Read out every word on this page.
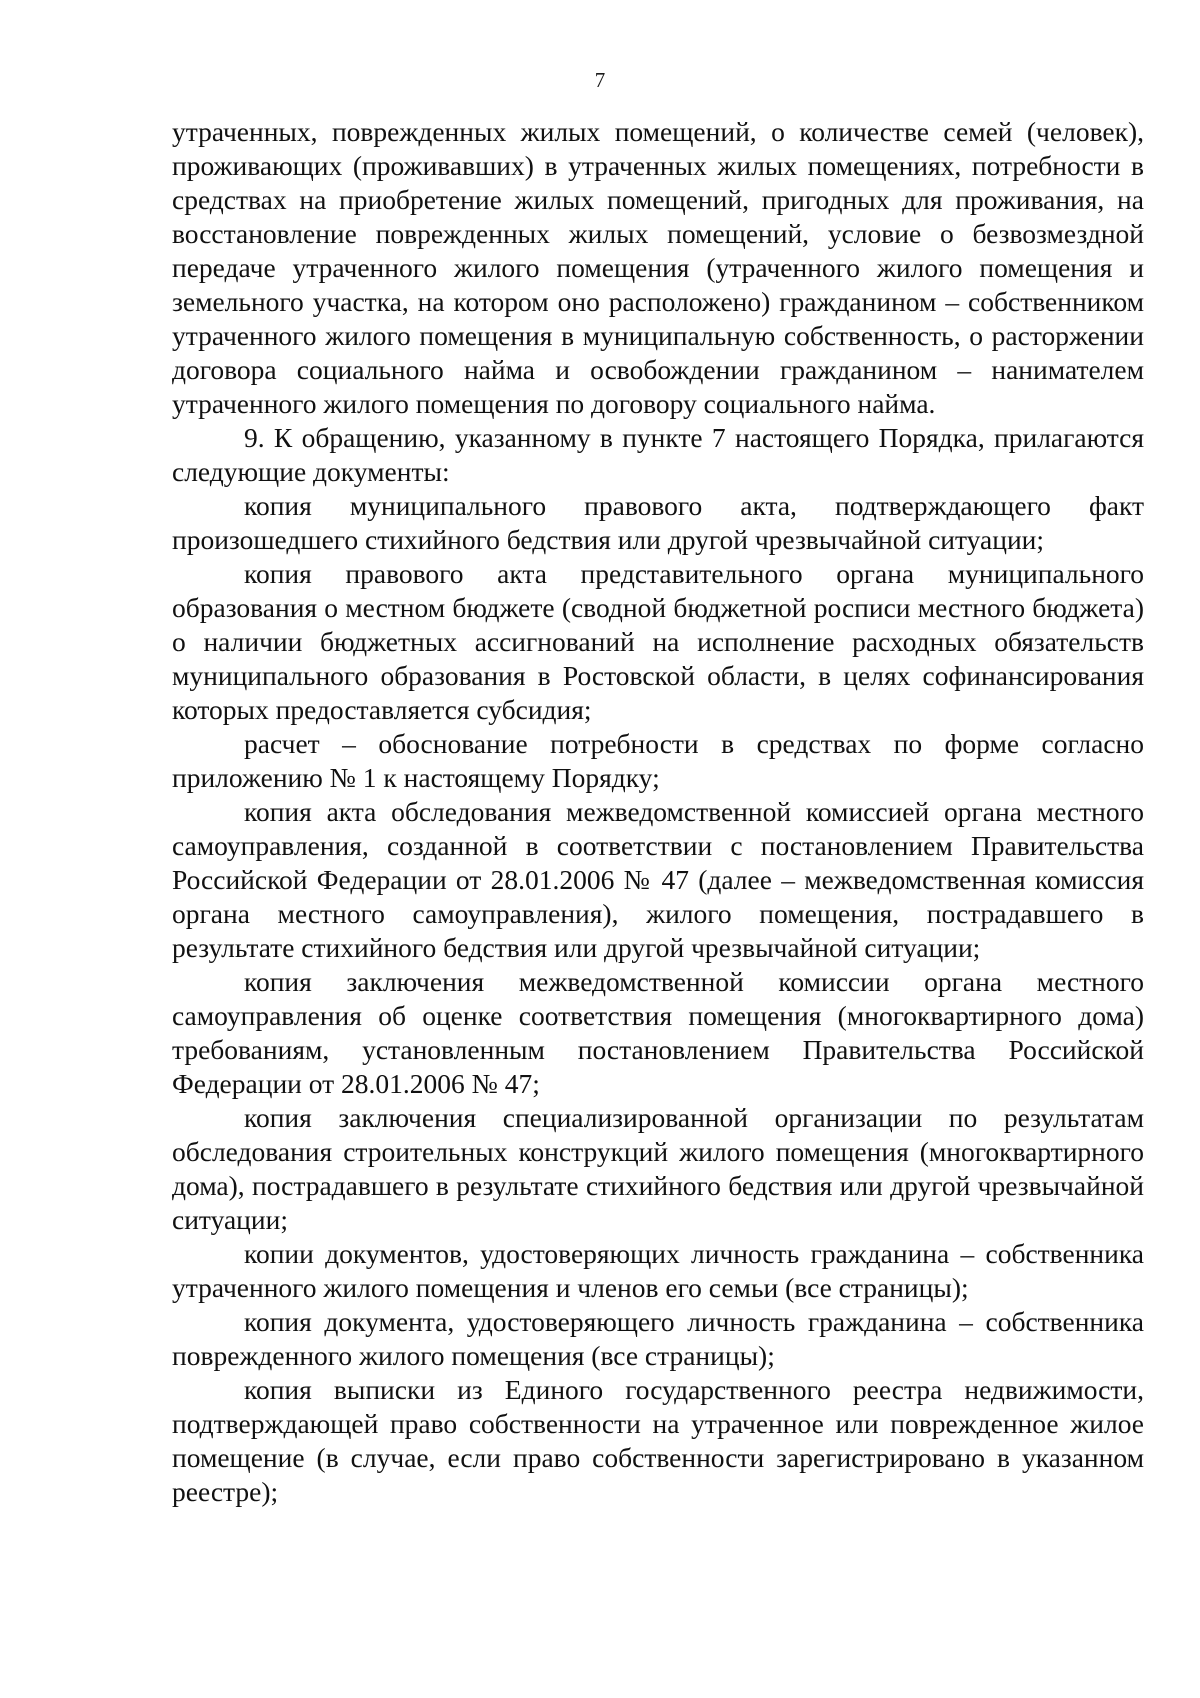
7

утраченных, поврежденных жилых помещений, о количестве семей (человек), проживающих (проживавших) в утраченных жилых помещениях, потребности в средствах на приобретение жилых помещений, пригодных для проживания, на восстановление поврежденных жилых помещений, условие о безвозмездной передаче утраченного жилого помещения (утраченного жилого помещения и земельного участка, на котором оно расположено) гражданином – собственником утраченного жилого помещения в муниципальную собственность, о расторжении договора социального найма и освобождении гражданином – нанимателем утраченного жилого помещения по договору социального найма.

9. К обращению, указанному в пункте 7 настоящего Порядка, прилагаются следующие документы:

копия муниципального правового акта, подтверждающего факт произошедшего стихийного бедствия или другой чрезвычайной ситуации;

копия правового акта представительного органа муниципального образования о местном бюджете (сводной бюджетной росписи местного бюджета) о наличии бюджетных ассигнований на исполнение расходных обязательств муниципального образования в Ростовской области, в целях софинансирования которых предоставляется субсидия;

расчет – обоснование потребности в средствах по форме согласно приложению № 1 к настоящему Порядку;

копия акта обследования межведомственной комиссией органа местного самоуправления, созданной в соответствии с постановлением Правительства Российской Федерации от 28.01.2006 № 47 (далее – межведомственная комиссия органа местного самоуправления), жилого помещения, пострадавшего в результате стихийного бедствия или другой чрезвычайной ситуации;

копия заключения межведомственной комиссии органа местного самоуправления об оценке соответствия помещения (многоквартирного дома) требованиям, установленным постановлением Правительства Российской Федерации от 28.01.2006 № 47;

копия заключения специализированной организации по результатам обследования строительных конструкций жилого помещения (многоквартирного дома), пострадавшего в результате стихийного бедствия или другой чрезвычайной ситуации;

копии документов, удостоверяющих личность гражданина – собственника утраченного жилого помещения и членов его семьи (все страницы);

копия документа, удостоверяющего личность гражданина – собственника поврежденного жилого помещения (все страницы);

копия выписки из Единого государственного реестра недвижимости, подтверждающей право собственности на утраченное или поврежденное жилое помещение (в случае, если право собственности зарегистрировано в указанном реестре);
